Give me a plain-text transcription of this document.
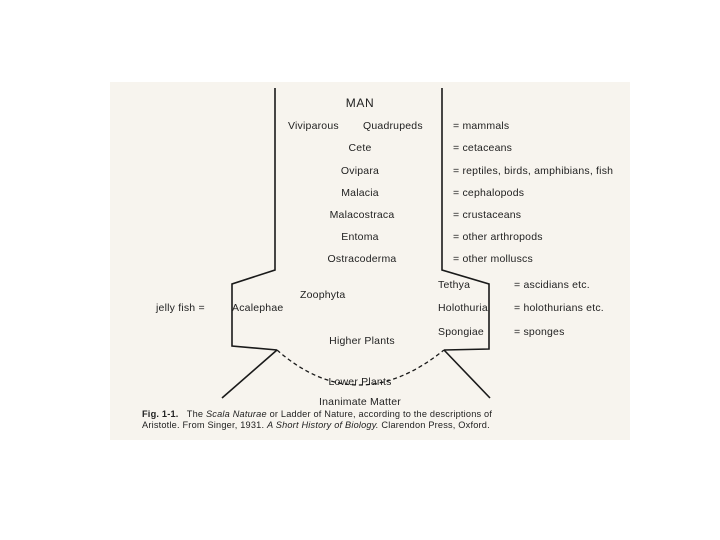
MAN
Viviparous Quadrupeds	= mammals
Cete	= cetaceans
Ovipara	= reptiles, birds, amphibians, fish
Malacia	= cephalopods
Malacostraca	= crustaceans
Entoma	= other arthropods
Ostracoderma	= other molluscs
Zoophyta
jelly fish =	Acalephae
Tethya	= ascidians etc.
Holothuria = holothurians etc.
Spongiae	= sponges
Higher Plants
Lower Plants
Inanimate Matter
Fig. 1-1. The Scala Naturae or Ladder of Nature, according to the descriptions of
Aristotle. From Singer, 1931. A Short History of Biology. Clarendon Press, Oxford.
